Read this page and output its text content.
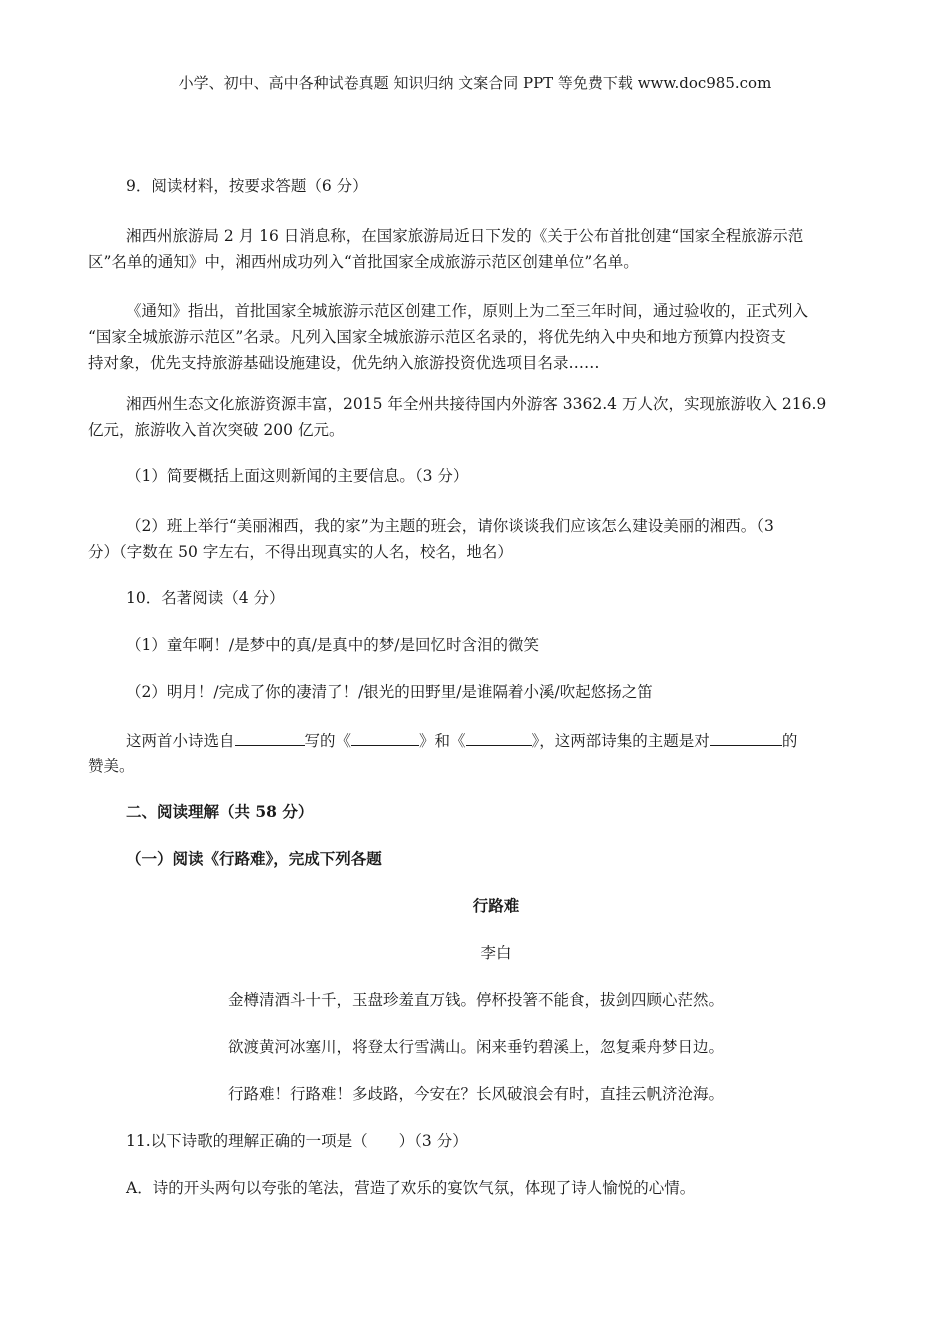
小学、初中、高中各种试卷真题 知识归纳 文案合同 PPT 等免费下载 www.doc985.com
9．阅读材料，按要求答题（6 分）
湘西州旅游局 2 月 16 日消息称，在国家旅游局近日下发的《关于公布首批创建“国家全程旅游示范
区”名单的通知》中，湘西州成功列入“首批国家全成旅游示范区创建单位”名单。
《通知》指出，首批国家全城旅游示范区创建工作，原则上为二至三年时间，通过验收的，正式列入
“国家全城旅游示范区”名录。凡列入国家全城旅游示范区名录的，将优先纳入中央和地方预算内投资支
持对象，优先支持旅游基础设施建设，优先纳入旅游投资优选项目名录……
湘西州生态文化旅游资源丰富，2015 年全州共接待国内外游客 3362.4 万人次，实现旅游收入 216.9
亿元，旅游收入首次突破 200 亿元。
（1）简要概括上面这则新闻的主要信息。（3 分）
（2）班上举行“美丽湘西，我的家”为主题的班会，请你谈谈我们应该怎么建设美丽的湘西。（3
分）（字数在 50 字左右，不得出现真实的人名，校名，地名）
10．名著阅读（4 分）
（1）童年啊！/是梦中的真/是真中的梦/是回忆时含泪的微笑
（2）明月！/完成了你的凄清了！/银光的田野里/是谁隔着小溪/吹起悠扬之笛
这两首小诗选自	写的《	》和《	》，这两部诗集的主题是对	的
赞美。
二、阅读理解（共 58 分）
（一）阅读《行路难》，完成下列各题
行路难
李白
金樽清酒斗十千，玉盘珍羞直万钱。停杯投箸不能食，拔剑四顾心茫然。
欲渡黄河冰塞川，将登太行雪满山。闲来垂钓碧溪上，忽复乘舟梦日边。
行路难！行路难！多歧路，今安在？长风破浪会有时，直挂云帆济沧海。
11.以下诗歌的理解正确的一项是（　　）（3 分）
A．诗的开头两句以夸张的笔法，营造了欢乐的宴饮气氛，体现了诗人愉悦的心情。
